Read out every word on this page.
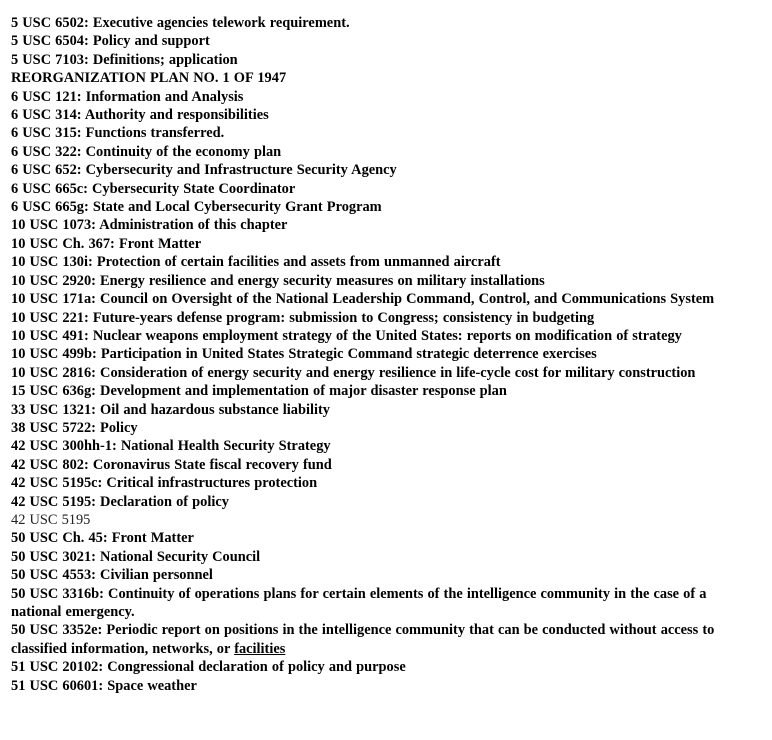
5 USC 6502: Executive agencies telework requirement.

5 USC 6504: Policy and support

5 USC 7103: Definitions; application

REORGANIZATION PLAN NO. 1 OF 1947

6 USC 121: Information and Analysis

6 USC 314: Authority and responsibilities

6 USC 315: Functions transferred.

6 USC 322: Continuity of the economy plan

6 USC 652: Cybersecurity and Infrastructure Security Agency

6 USC 665c: Cybersecurity State Coordinator

6 USC 665g: State and Local Cybersecurity Grant Program

10 USC 1073: Administration of this chapter

10 USC Ch. 367: Front Matter

10 USC 130i: Protection of certain facilities and assets from unmanned aircraft

10 USC 2920: Energy resilience and energy security measures on military installations

10 USC 171a: Council on Oversight of the National Leadership Command, Control, and Communications System

10 USC 221: Future-years defense program: submission to Congress; consistency in budgeting

10 USC 491: Nuclear weapons employment strategy of the United States: reports on modification of strategy

10 USC 499b: Participation in United States Strategic Command strategic deterrence exercises

10 USC 2816: Consideration of energy security and energy resilience in life-cycle cost for military construction

15 USC 636g: Development and implementation of major disaster response plan

33 USC 1321: Oil and hazardous substance liability

38 USC 5722: Policy

42 USC 300hh-1: National Health Security Strategy

42 USC 802: Coronavirus State fiscal recovery fund

42 USC 5195c: Critical infrastructures protection

42 USC 5195: Declaration of policy

42 USC 5195

50 USC Ch. 45: Front Matter

50 USC 3021: National Security Council

50 USC 4553: Civilian personnel

50 USC 3316b: Continuity of operations plans for certain elements of the intelligence community in the case of a national emergency.

50 USC 3352e: Periodic report on positions in the intelligence community that can be conducted without access to classified information, networks, or facilities

51 USC 20102: Congressional declaration of policy and purpose

51 USC 60601: Space weather
